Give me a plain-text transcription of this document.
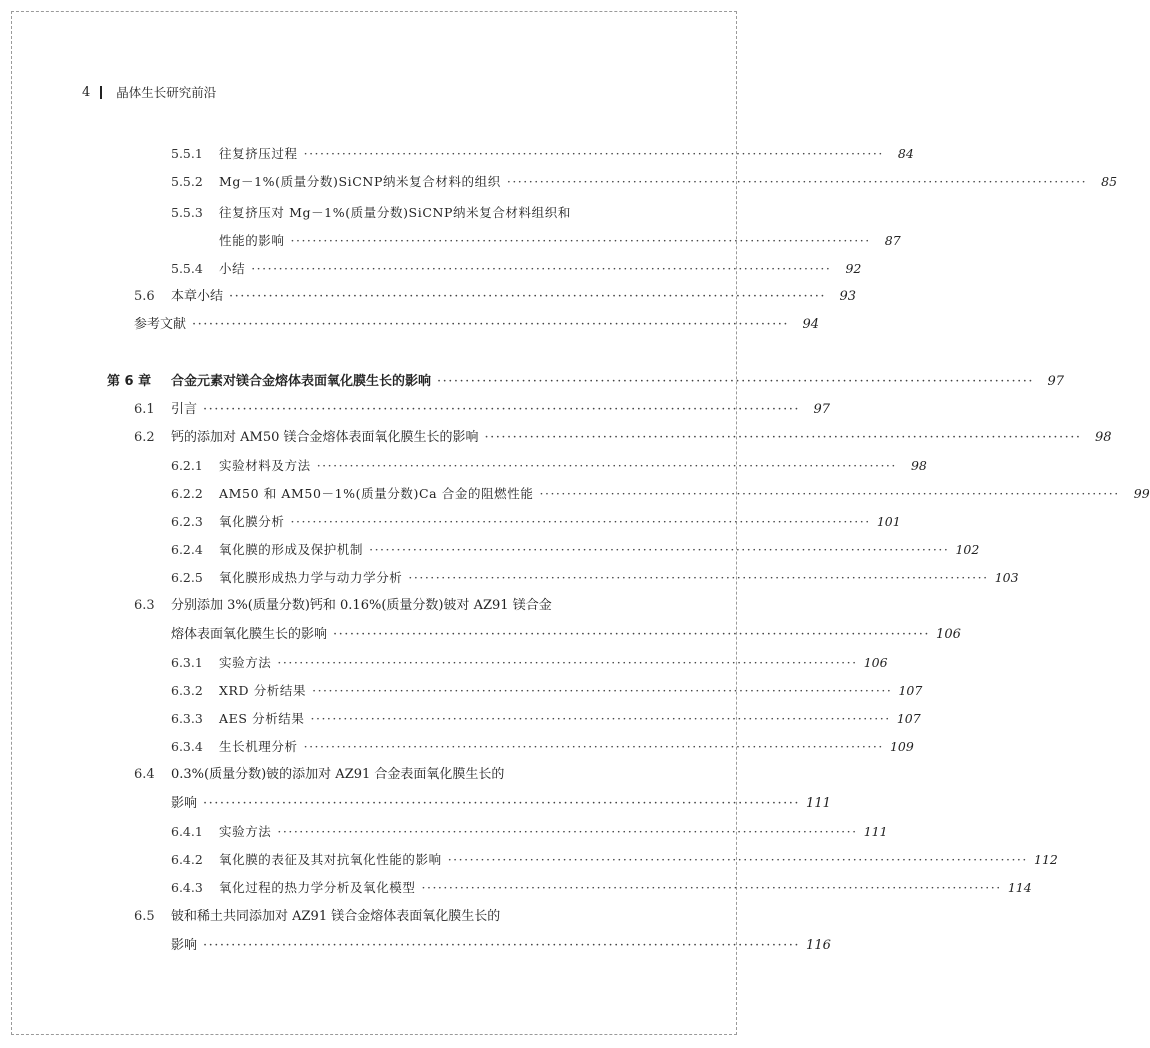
4 晶体生长研究前沿
5.5.1	往复挤压过程 ··········································································································	84
5.5.2	Mg－1%(质量分数)SiCNP纳米复合材料的组织 ··········································································································	85
5.5.3	往复挤压对 Mg－1%(质量分数)SiCNP纳米复合材料组织和
性能的影响 ··········································································································	87
5.5.4	小结 ··········································································································	92
5.6	本章小结 ··········································································································	93
参考文献 ··········································································································	94
第 6 章	合金元素对镁合金熔体表面氧化膜生长的影响 ··········································································································	97
6.1	引言 ··········································································································	97
6.2	钙的添加对 AM50 镁合金熔体表面氧化膜生长的影响 ··········································································································	98
6.2.1	实验材料及方法 ··········································································································	98
6.2.2	AM50 和 AM50－1%(质量分数)Ca 合金的阻燃性能 ··········································································································	99
6.2.3	氧化膜分析 ·········································································································· 101
6.2.4	氧化膜的形成及保护机制 ·········································································································· 102
6.2.5	氧化膜形成热力学与动力学分析 ·········································································································· 103
6.3	分别添加 3%(质量分数)钙和 0.16%(质量分数)铍对 AZ91 镁合金
熔体表面氧化膜生长的影响 ·········································································································· 106
6.3.1	实验方法 ·········································································································· 106
6.3.2	XRD 分析结果 ·········································································································· 107
6.3.3	AES 分析结果 ·········································································································· 107
6.3.4	生长机理分析 ·········································································································· 109
6.4	0.3%(质量分数)铍的添加对 AZ91 合金表面氧化膜生长的
影响 ·········································································································· 111
6.4.1	实验方法 ·········································································································· 111
6.4.2	氧化膜的表征及其对抗氧化性能的影响 ·········································································································· 112
6.4.3	氧化过程的热力学分析及氧化模型 ·········································································································· 114
6.5	铍和稀土共同添加对 AZ91 镁合金熔体表面氧化膜生长的
影响 ·········································································································· 116
